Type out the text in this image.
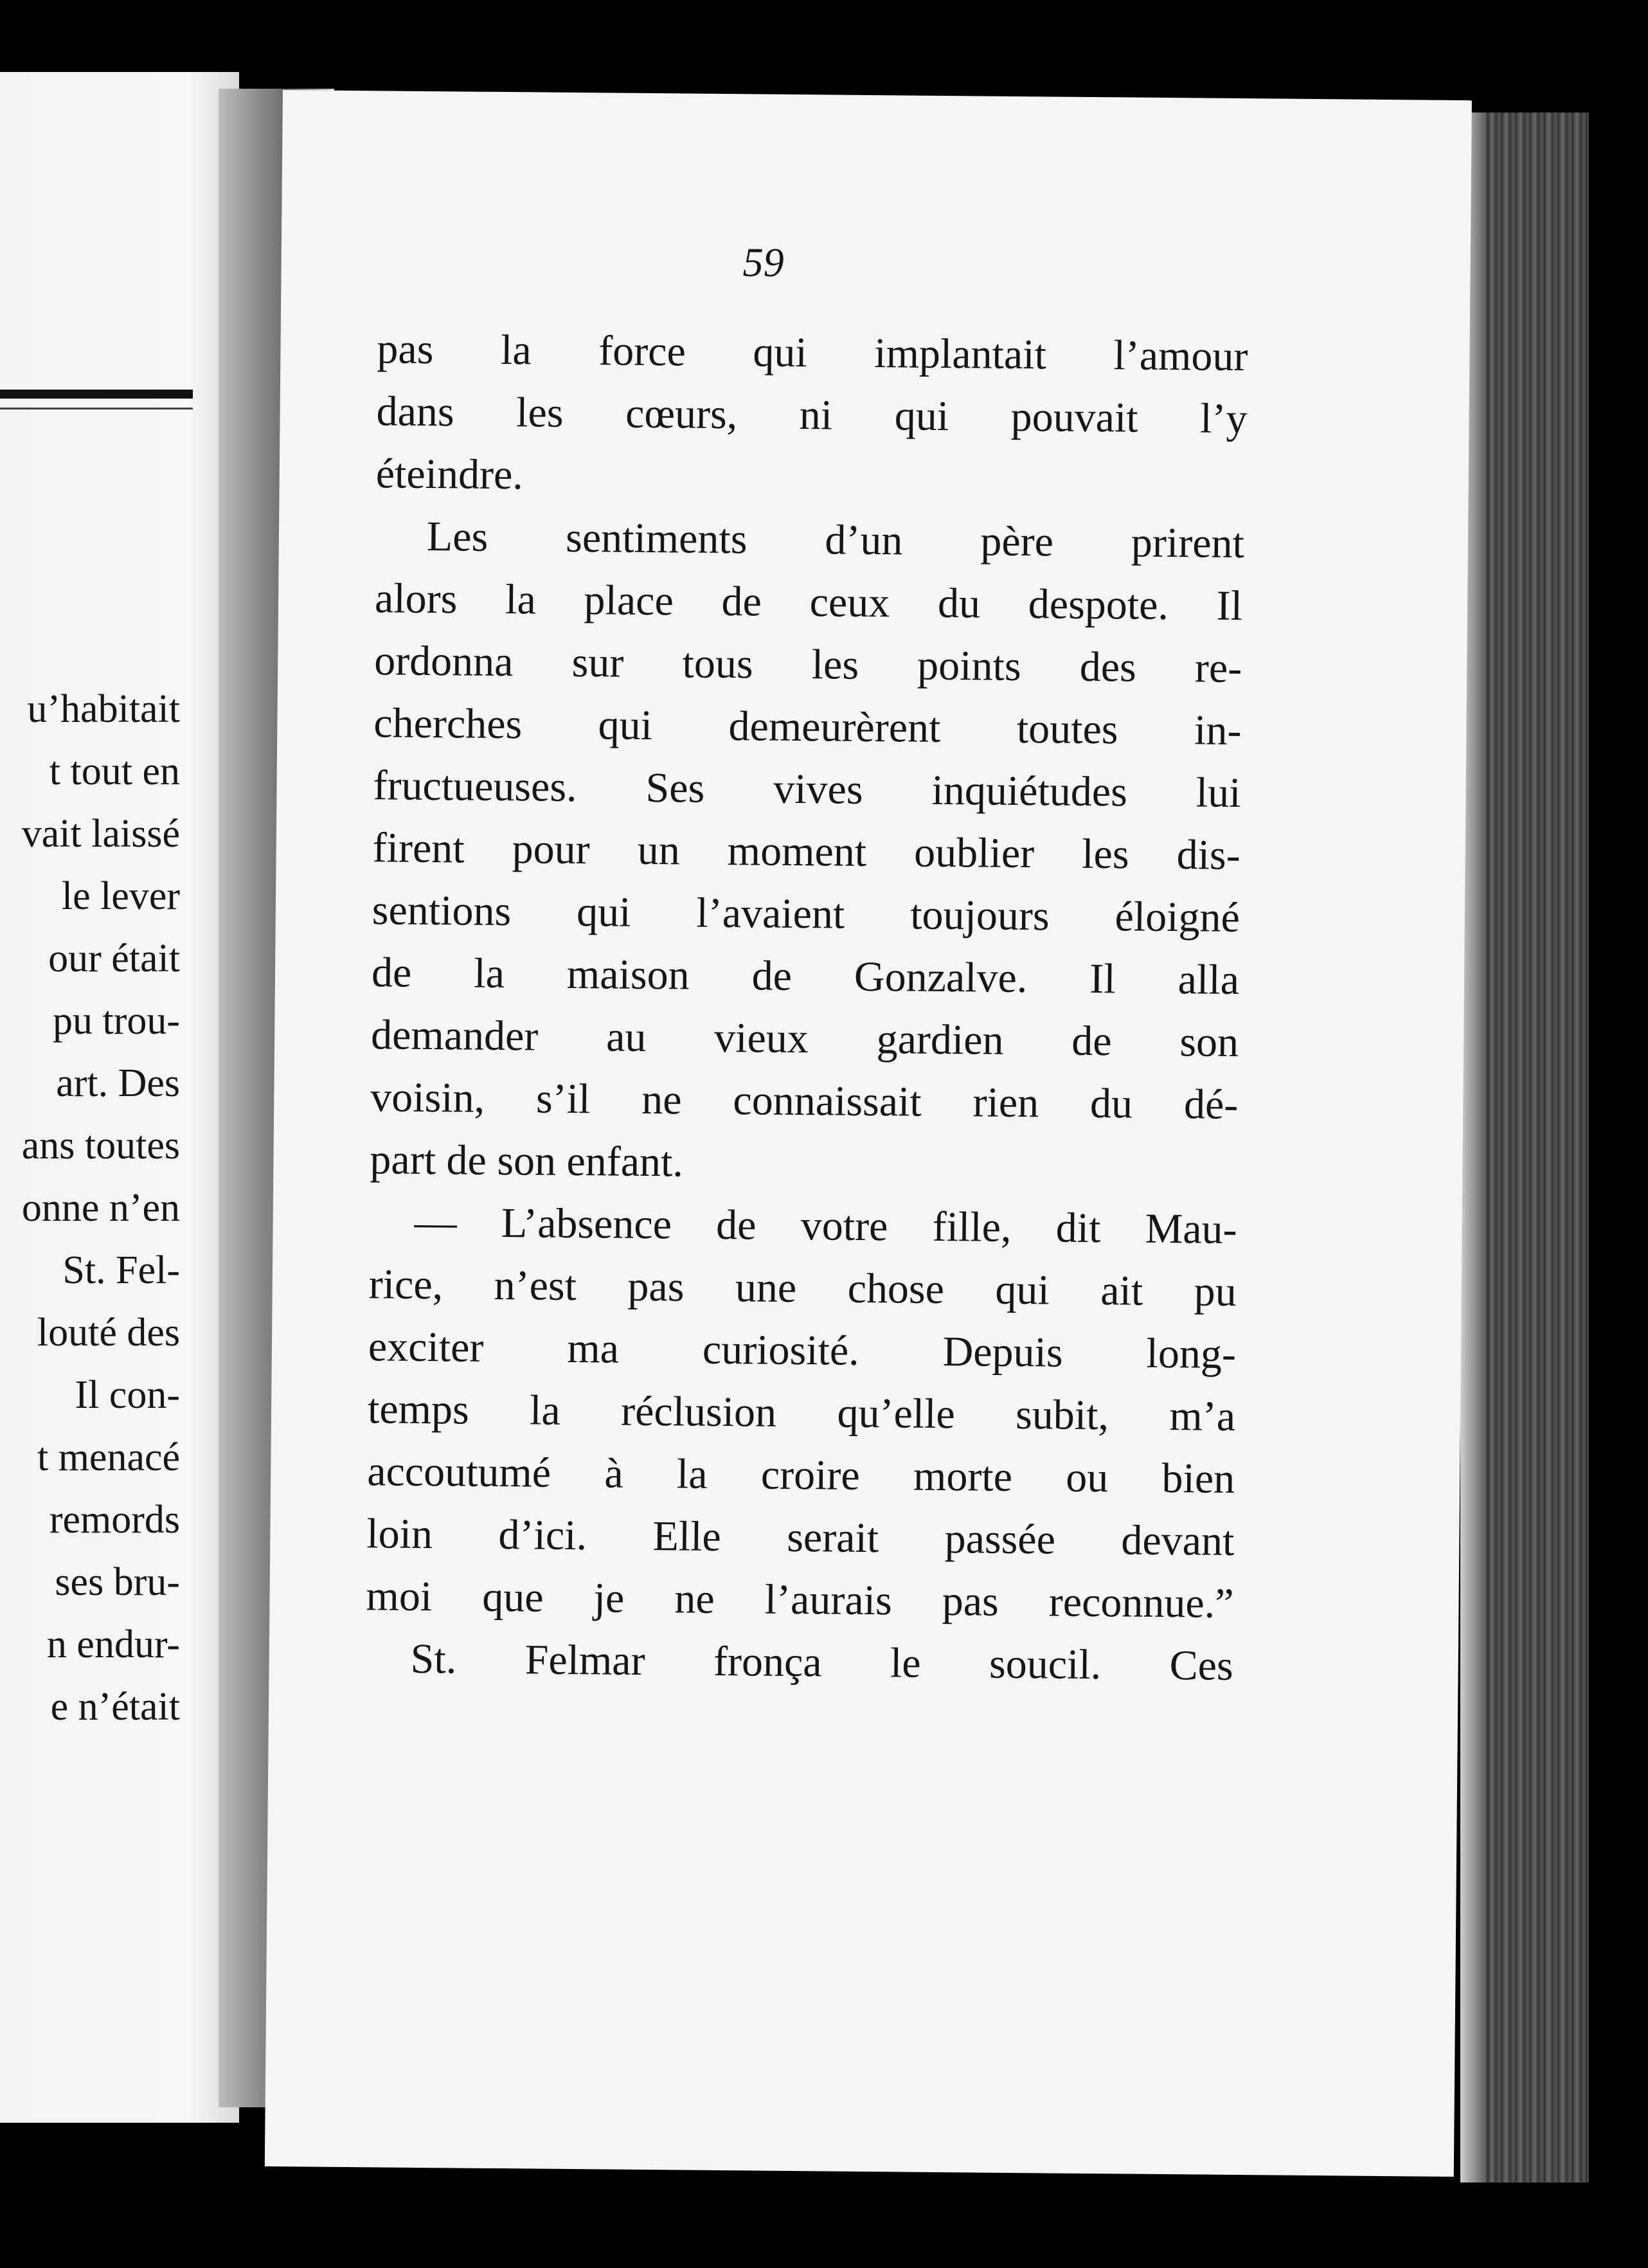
u’habitait
t tout en
vait laissé
le lever
our était
pu trou-
art. Des
ans toutes
onne n’en
St. Fel-
louté des
Il con-
t menacé
remords
ses bru-
n endur-
e n’était
59
pas la force qui implantait l’amour
dans les cœurs, ni qui pouvait l’y
éteindre.
Les sentiments d’un père prirent
alors la place de ceux du despote. Il
ordonna sur tous les points des re-
cherches qui demeurèrent toutes in-
fructueuses. Ses vives inquiétudes lui
firent pour un moment oublier les dis-
sentions qui l’avaient toujours éloigné
de la maison de Gonzalve. Il alla
demander au vieux gardien de son
voisin, s’il ne connaissait rien du dé-
part de son enfant.
— L’absence de votre fille, dit Mau-
rice, n’est pas une chose qui ait pu
exciter ma curiosité. Depuis long-
temps la réclusion qu’elle subit, m’a
accoutumé à la croire morte ou bien
loin d’ici. Elle serait passée devant
moi que je ne l’aurais pas reconnue.”
St. Felmar fronça le soucil. Ces
